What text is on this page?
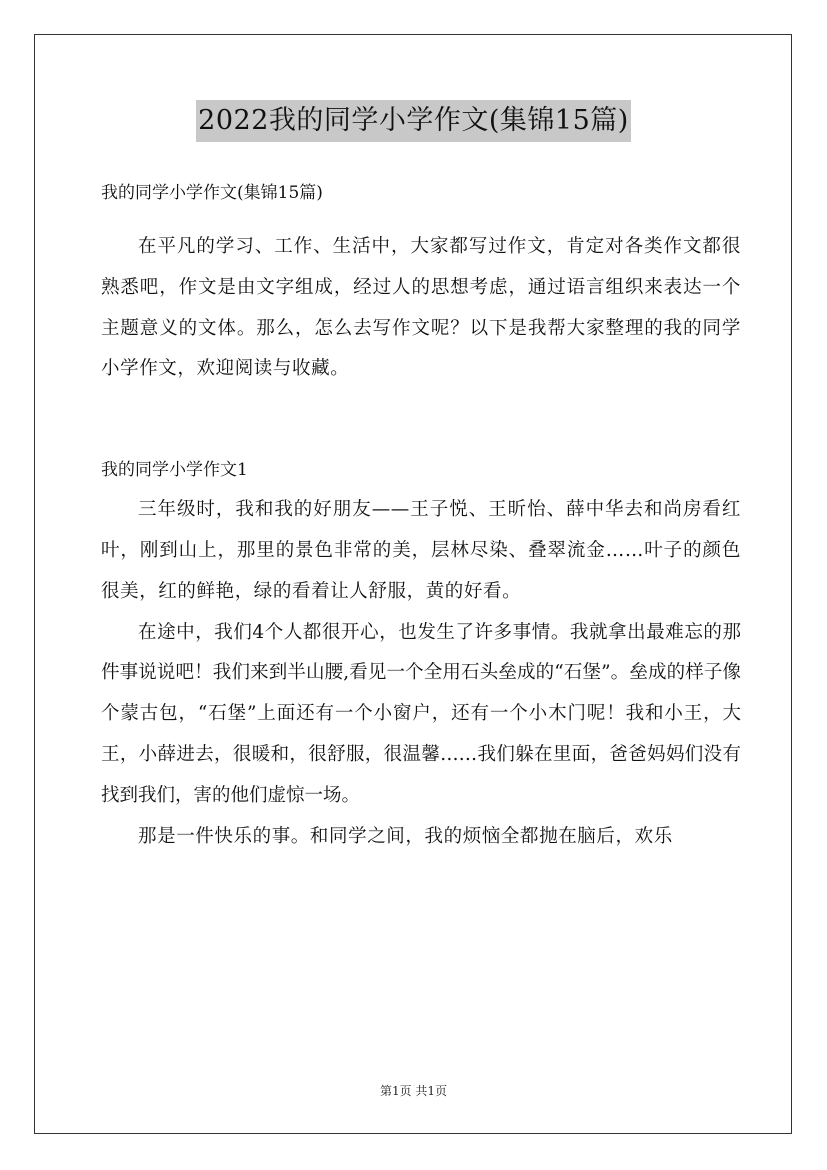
2022我的同学小学作文(集锦15篇)

我的同学小学作文(集锦15篇)

在平凡的学习、工作、生活中，大家都写过作文，肯定对各类作文都很熟悉吧，作文是由文字组成，经过人的思想考虑，通过语言组织来表达一个主题意义的文体。那么，怎么去写作文呢？以下是我帮大家整理的我的同学小学作文，欢迎阅读与收藏。

我的同学小学作文1

三年级时，我和我的好朋友——王子悦、王昕怡、薛中华去和尚房看红叶，刚到山上，那里的景色非常的美，层林尽染、叠翠流金……叶子的颜色很美，红的鲜艳，绿的看着让人舒服，黄的好看。

在途中，我们4个人都很开心，也发生了许多事情。我就拿出最难忘的那件事说说吧！我们来到半山腰,看见一个全用石头垒成的“石堡”。垒成的样子像个蒙古包，“石堡”上面还有一个小窗户，还有一个小木门呢！我和小王，大王，小薛进去，很暖和，很舒服，很温馨……我们躲在里面，爸爸妈妈们没有找到我们，害的他们虚惊一场。

那是一件快乐的事。和同学之间，我的烦恼全都抛在脑后，欢乐

第1页 共1页
